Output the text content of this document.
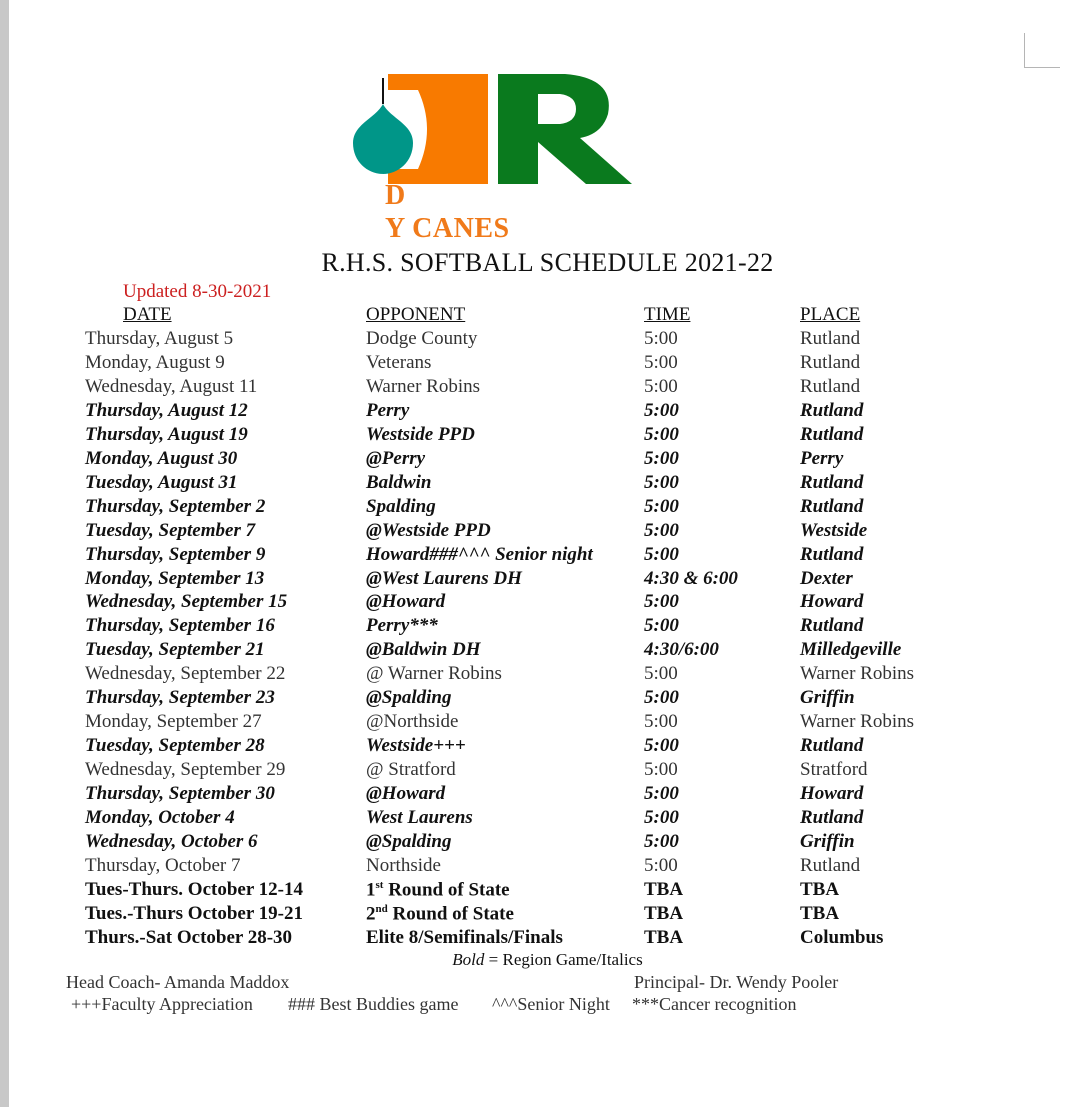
D
Y CANES
R.H.S. SOFTBALL SCHEDULE 2021-22
Updated 8-30-2021
DATE	OPPONENT	TIME	PLACE
Thursday, August 5	Dodge County	5:00	Rutland
Monday, August 9	Veterans	5:00	Rutland
Wednesday, August 11	Warner Robins	5:00	Rutland
Thursday, August 12	Perry	5:00	Rutland
Thursday, August 19	Westside PPD	5:00	Rutland
Monday, August 30	@Perry	5:00	Perry
Tuesday, August 31	Baldwin	5:00	Rutland
Thursday, September 2	Spalding	5:00	Rutland
Tuesday, September 7	@Westside PPD	5:00	Westside
Thursday, September 9	Howard###^^^ Senior night	5:00	Rutland
Monday, September 13	@West Laurens DH	4:30 & 6:00	Dexter
Wednesday, September 15	@Howard	5:00	Howard
Thursday, September 16	Perry***	5:00	Rutland
Tuesday, September 21	@Baldwin DH	4:30/6:00	Milledgeville
Wednesday, September 22	@ Warner Robins	5:00	Warner Robins
Thursday, September 23	@Spalding	5:00	Griffin
Monday, September 27	@Northside	5:00	Warner Robins
Tuesday, September 28	Westside+++	5:00	Rutland
Wednesday, September 29	@ Stratford	5:00	Stratford
Thursday, September 30	@Howard	5:00	Howard
Monday, October 4	West Laurens	5:00	Rutland
Wednesday, October 6	@Spalding	5:00	Griffin
Thursday, October 7	Northside	5:00	Rutland
Tues-Thurs. October 12-14	1st Round of State	TBA	TBA
Tues.-Thurs October 19-21	2nd Round of State	TBA	TBA
Thurs.-Sat October 28-30	Elite 8/Semifinals/Finals	TBA	Columbus
Bold = Region Game/Italics
Head Coach- Amanda Maddox	Principal- Dr. Wendy Pooler
+++Faculty Appreciation ### Best Buddies game ^^^Senior Night ***Cancer recognition
